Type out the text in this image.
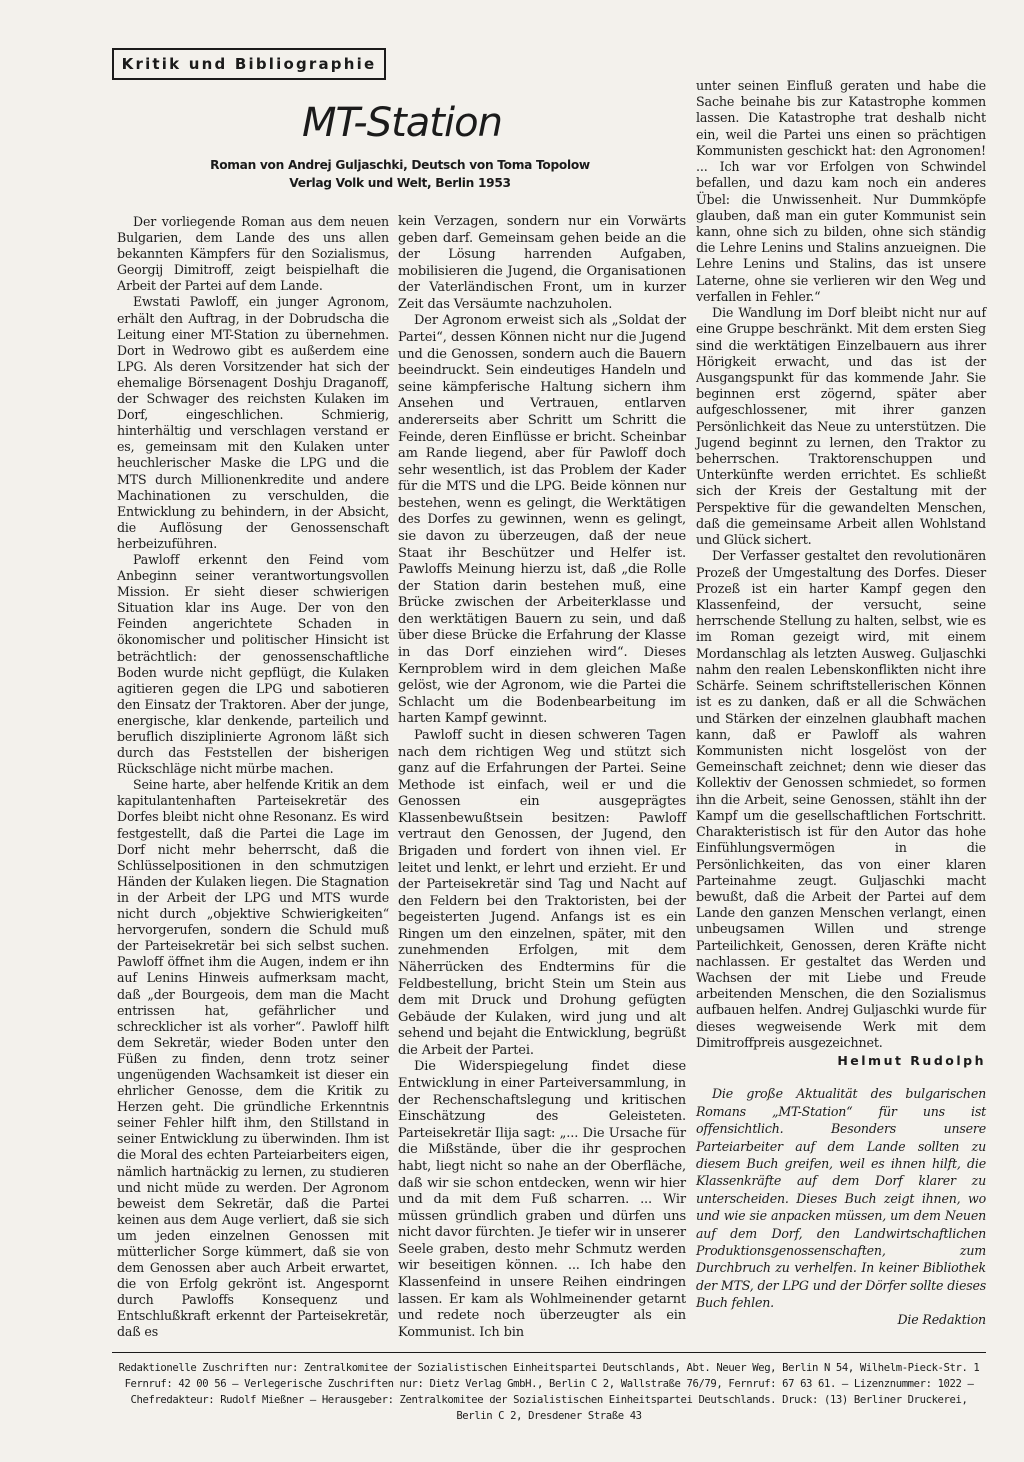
Kritik und Bibliographie
MT-Station
Roman von Andrej Guljaschki, Deutsch von Toma Topolow
Verlag Volk und Welt, Berlin 1953

Der vorliegende Roman aus dem neuen Bulgarien, dem Lande des uns allen bekannten Kämpfers für den Sozialismus, Georgij Dimitroff, zeigt beispielhaft die Arbeit der Partei auf dem Lande.

Ewstati Pawloff, ein junger Agronom, erhält den Auftrag, in der Dobrudscha die Leitung einer MT-Station zu übernehmen. Dort in Wedrowo gibt es außerdem eine LPG. Als deren Vorsitzender hat sich der ehemalige Börsenagent Doshju Draganoff, der Schwager des reichsten Kulaken im Dorf, eingeschlichen. Schmierig, hinterhältig und verschlagen verstand er es, gemeinsam mit den Kulaken unter heuchlerischer Maske die LPG und die MTS durch Millionenkredite und andere Machinationen zu verschulden, die Entwicklung zu behindern, in der Absicht, die Auflösung der Genossenschaft herbeizuführen.

Pawloff erkennt den Feind vom Anbeginn seiner verantwortungsvollen Mission. Er sieht dieser schwierigen Situation klar ins Auge. Der von den Feinden angerichtete Schaden in ökonomischer und politischer Hinsicht ist beträchtlich: der genossenschaftliche Boden wurde nicht gepflügt, die Kulaken agitieren gegen die LPG und sabotieren den Einsatz der Traktoren. Aber der junge, energische, klar denkende, parteilich und beruflich disziplinierte Agronom läßt sich durch das Feststellen der bisherigen Rückschläge nicht mürbe machen.

Seine harte, aber helfende Kritik an dem kapitulantenhaften Parteisekretär des Dorfes bleibt nicht ohne Resonanz. Es wird festgestellt, daß die Partei die Lage im Dorf nicht mehr beherrscht, daß die Schlüsselpositionen in den schmutzigen Händen der Kulaken liegen. Die Stagnation in der Arbeit der LPG und MTS wurde nicht durch „objektive Schwierigkeiten“ hervorgerufen, sondern die Schuld muß der Parteisekretär bei sich selbst suchen. Pawloff öffnet ihm die Augen, indem er ihn auf Lenins Hinweis aufmerksam macht, daß „der Bourgeois, dem man die Macht entrissen hat, gefährlicher und schrecklicher ist als vorher“. Pawloff hilft dem Sekretär, wieder Boden unter den Füßen zu finden, denn trotz seiner ungenügenden Wachsamkeit ist dieser ein ehrlicher Genosse, dem die Kritik zu Herzen geht. Die gründliche Erkenntnis seiner Fehler hilft ihm, den Stillstand in seiner Entwicklung zu überwinden. Ihm ist die Moral des echten Parteiarbeiters eigen, nämlich hartnäckig zu lernen, zu studieren und nicht müde zu werden. Der Agronom beweist dem Sekretär, daß die Partei keinen aus dem Auge verliert, daß sie sich um jeden einzelnen Genossen mit mütterlicher Sorge kümmert, daß sie von dem Genossen aber auch Arbeit erwartet, die von Erfolg gekrönt ist. Angespornt durch Pawloffs Konsequenz und Entschlußkraft erkennt der Parteisekretär, daß es

kein Verzagen, sondern nur ein Vorwärts geben darf. Gemeinsam gehen beide an die der Lösung harrenden Aufgaben, mobilisieren die Jugend, die Organisationen der Vaterländischen Front, um in kurzer Zeit das Versäumte nachzuholen.

Der Agronom erweist sich als „Soldat der Partei“, dessen Können nicht nur die Jugend und die Genossen, sondern auch die Bauern beeindruckt. Sein eindeutiges Handeln und seine kämpferische Haltung sichern ihm Ansehen und Vertrauen, entlarven andererseits aber Schritt um Schritt die Feinde, deren Einflüsse er bricht. Scheinbar am Rande liegend, aber für Pawloff doch sehr wesentlich, ist das Problem der Kader für die MTS und die LPG. Beide können nur bestehen, wenn es gelingt, die Werktätigen des Dorfes zu gewinnen, wenn es gelingt, sie davon zu überzeugen, daß der neue Staat ihr Beschützer und Helfer ist. Pawloffs Meinung hierzu ist, daß „die Rolle der Station darin bestehen muß, eine Brücke zwischen der Arbeiterklasse und den werktätigen Bauern zu sein, und daß über diese Brücke die Erfahrung der Klasse in das Dorf einziehen wird“. Dieses Kernproblem wird in dem gleichen Maße gelöst, wie der Agronom, wie die Partei die Schlacht um die Bodenbearbeitung im harten Kampf gewinnt.

Pawloff sucht in diesen schweren Tagen nach dem richtigen Weg und stützt sich ganz auf die Erfahrungen der Partei. Seine Methode ist einfach, weil er und die Genossen ein ausgeprägtes Klassenbewußtsein besitzen: Pawloff vertraut den Genossen, der Jugend, den Brigaden und fordert von ihnen viel. Er leitet und lenkt, er lehrt und erzieht. Er und der Parteisekretär sind Tag und Nacht auf den Feldern bei den Traktoristen, bei der begeisterten Jugend. Anfangs ist es ein Ringen um den einzelnen, später, mit den zunehmenden Erfolgen, mit dem Näherrücken des Endtermins für die Feldbestellung, bricht Stein um Stein aus dem mit Druck und Drohung gefügten Gebäude der Kulaken, wird jung und alt sehend und bejaht die Entwicklung, begrüßt die Arbeit der Partei.

Die Widerspiegelung findet diese Entwicklung in einer Parteiversammlung, in der Rechenschaftslegung und kritischen Einschätzung des Geleisteten. Parteisekretär Ilija sagt: „... Die Ursache für die Mißstände, über die ihr gesprochen habt, liegt nicht so nahe an der Oberfläche, daß wir sie schon entdecken, wenn wir hier und da mit dem Fuß scharren. ... Wir müssen gründlich graben und dürfen uns nicht davor fürchten. Je tiefer wir in unserer Seele graben, desto mehr Schmutz werden wir beseitigen können. ... Ich habe den Klassenfeind in unsere Reihen eindringen lassen. Er kam als Wohlmeinender getarnt und redete noch überzeugter als ein Kommunist. Ich bin

unter seinen Einfluß geraten und habe die Sache beinahe bis zur Katastrophe kommen lassen. Die Katastrophe trat deshalb nicht ein, weil die Partei uns einen so prächtigen Kommunisten geschickt hat: den Agronomen! ... Ich war vor Erfolgen von Schwindel befallen, und dazu kam noch ein anderes Übel: die Unwissenheit. Nur Dummköpfe glauben, daß man ein guter Kommunist sein kann, ohne sich zu bilden, ohne sich ständig die Lehre Lenins und Stalins anzueignen. Die Lehre Lenins und Stalins, das ist unsere Laterne, ohne sie verlieren wir den Weg und verfallen in Fehler.“

Die Wandlung im Dorf bleibt nicht nur auf eine Gruppe beschränkt. Mit dem ersten Sieg sind die werktätigen Einzelbauern aus ihrer Hörigkeit erwacht, und das ist der Ausgangspunkt für das kommende Jahr. Sie beginnen erst zögernd, später aber aufgeschlossener, mit ihrer ganzen Persönlichkeit das Neue zu unterstützen. Die Jugend beginnt zu lernen, den Traktor zu beherrschen. Traktorenschuppen und Unterkünfte werden errichtet. Es schließt sich der Kreis der Gestaltung mit der Perspektive für die gewandelten Menschen, daß die gemeinsame Arbeit allen Wohlstand und Glück sichert.

Der Verfasser gestaltet den revolutionären Prozeß der Umgestaltung des Dorfes. Dieser Prozeß ist ein harter Kampf gegen den Klassenfeind, der versucht, seine herrschende Stellung zu halten, selbst, wie es im Roman gezeigt wird, mit einem Mordanschlag als letzten Ausweg. Guljaschki nahm den realen Lebenskonflikten nicht ihre Schärfe. Seinem schriftstellerischen Können ist es zu danken, daß er all die Schwächen und Stärken der einzelnen glaubhaft machen kann, daß er Pawloff als wahren Kommunisten nicht losgelöst von der Gemeinschaft zeichnet; denn wie dieser das Kollektiv der Genossen schmiedet, so formen ihn die Arbeit, seine Genossen, stählt ihn der Kampf um die gesellschaftlichen Fortschritt. Charakteristisch ist für den Autor das hohe Einfühlungsvermögen in die Persönlichkeiten, das von einer klaren Parteinahme zeugt. Guljaschki macht bewußt, daß die Arbeit der Partei auf dem Lande den ganzen Menschen verlangt, einen unbeugsamen Willen und strenge Parteilichkeit, Genossen, deren Kräfte nicht nachlassen. Er gestaltet das Werden und Wachsen der mit Liebe und Freude arbeitenden Menschen, die den Sozialismus aufbauen helfen. Andrej Guljaschki wurde für dieses wegweisende Werk mit dem Dimitroffpreis ausgezeichnet.

Helmut Rudolph

Die große Aktualität des bulgarischen Romans „MT-Station“ für uns ist offensichtlich. Besonders unsere Parteiarbeiter auf dem Lande sollten zu diesem Buch greifen, weil es ihnen hilft, die Klassenkräfte auf dem Dorf klarer zu unterscheiden. Dieses Buch zeigt ihnen, wo und wie sie anpacken müssen, um dem Neuen auf dem Dorf, den Landwirtschaftlichen Produktionsgenossenschaften, zum Durchbruch zu verhelfen. In keiner Bibliothek der MTS, der LPG und der Dörfer sollte dieses Buch fehlen.

Die Redaktion
Redaktionelle Zuschriften nur: Zentralkomitee der Sozialistischen Einheitspartei Deutschlands, Abt. Neuer Weg, Berlin N 54, Wilhelm-Pieck-Str. 1
Fernruf: 42 00 56 — Verlegerische Zuschriften nur: Dietz Verlag GmbH., Berlin C 2, Wallstraße 76/79, Fernruf: 67 63 61. — Lizenznummer: 1022 —
Chefredakteur: Rudolf Mießner — Herausgeber: Zentralkomitee der Sozialistischen Einheitspartei Deutschlands. Druck: (13) Berliner Druckerei,
Berlin C 2, Dresdener Straße 43
